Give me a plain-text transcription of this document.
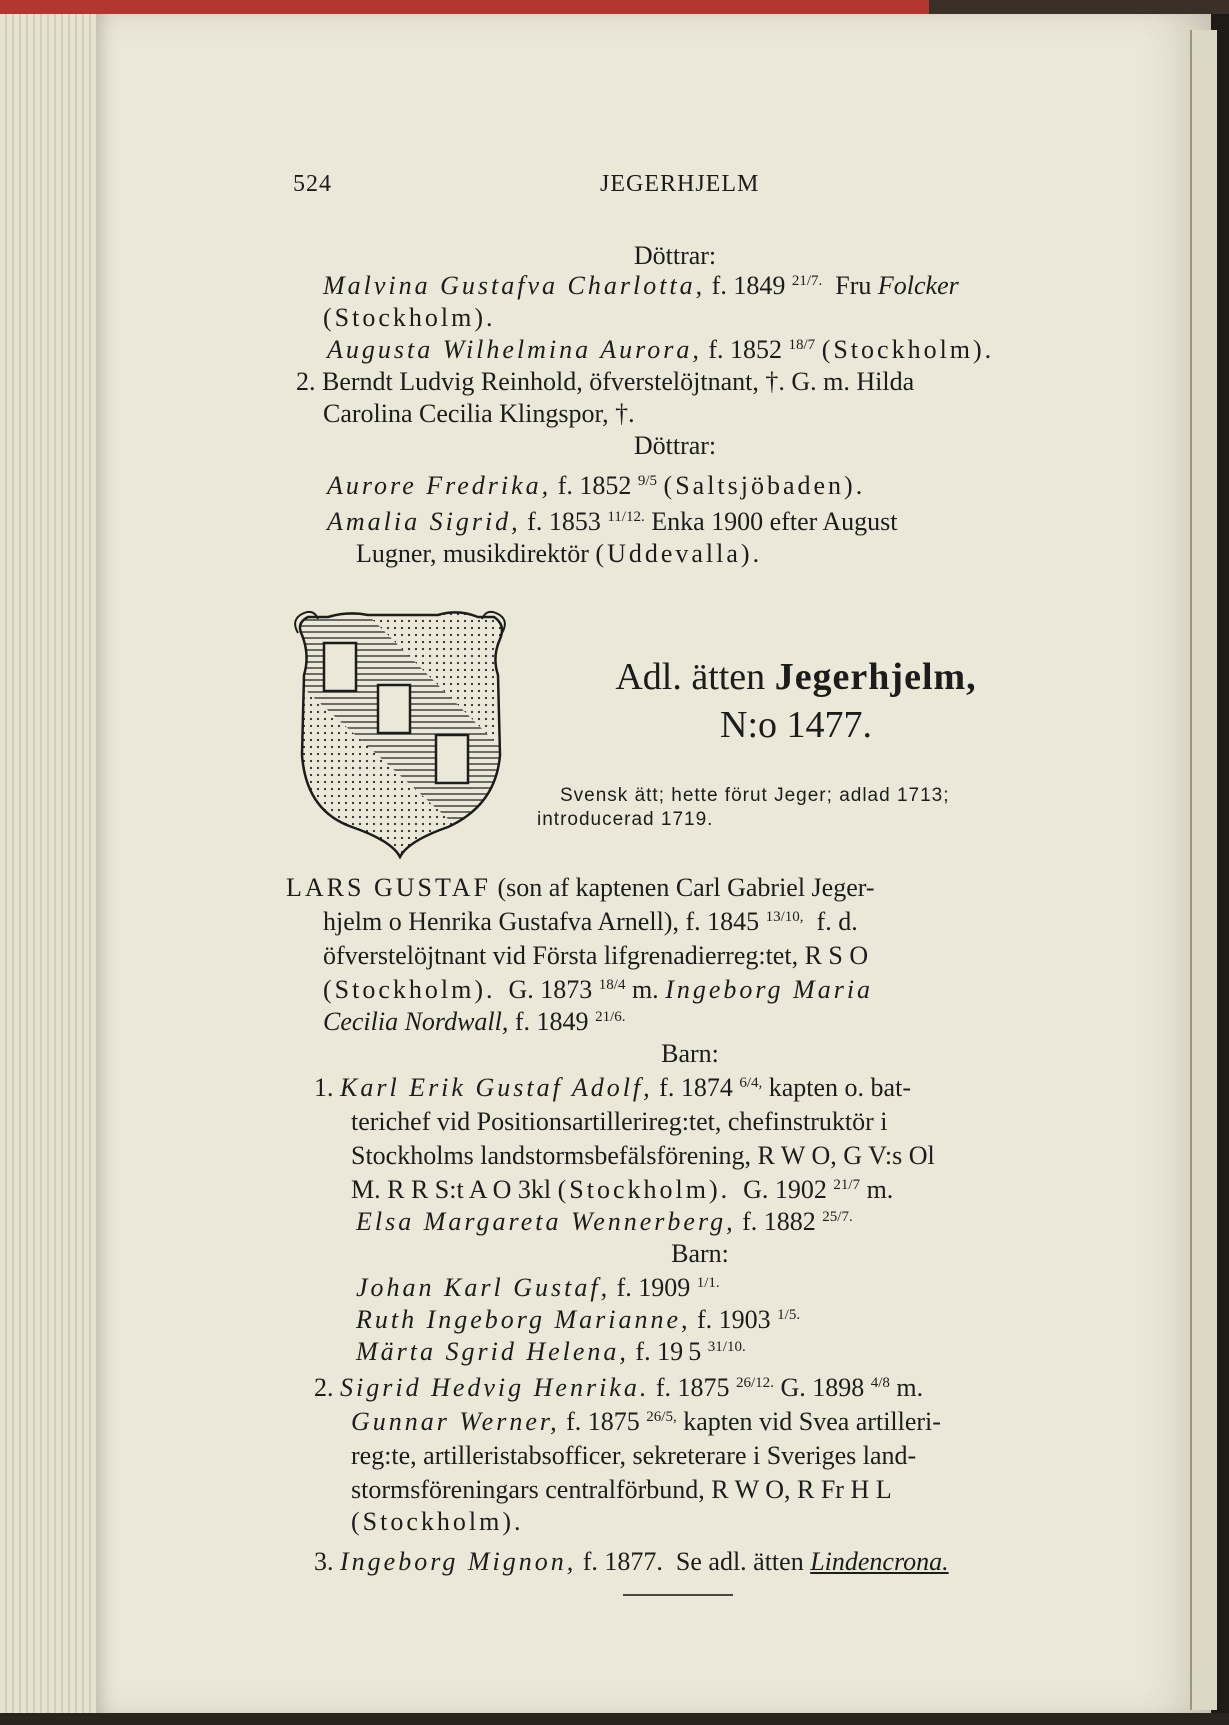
524	JEGERHJELM
Döttrar:
Malvina Gustafva Charlotta, f. 1849 $^{21/7.}$ Fru Folcker
(Stockholm).
Augusta Wilhelmina Aurora, f. 1852 $^{18/7}$ (Stockholm).
2. Berndt Ludvig Reinhold, öfverstelöjtnant, †. G. m. Hilda
Carolina Cecilia Klingspor, †.
Döttrar:
Aurore Fredrika, f. 1852 $^{9/5}$ (Saltsjöbaden).
Amalia Sigrid, f. 1853 $^{11/12.}$ Enka 1900 efter August
Lugner, musikdirektör (Uddevalla).
Adl. ätten Jegerhjelm,
N:o 1477.
Svensk ätt; hette förut Jeger; adlad 1713;
introducerad 1719.
LARS GUSTAF (son af kaptenen Carl Gabriel Jeger-
hjelm o Henrika Gustafva Arnell), f. 1845 $^{13/10,}$ f. d.
öfverstelöjtnant vid Första lifgrenadierreg:tet, R S O
(Stockholm). G. 1873 $^{18/4}$ m. Ingeborg Maria
Cecilia Nordwall, f. 1849 $^{21/6.}$
Barn:
1. Karl Erik Gustaf Adolf, f. 1874 $^{6/4,}$ kapten o. bat-
terichef vid Positionsartillerireg:tet, chefinstruktör i
Stockholms landstormsbefälsförening, R W O, G V:s Ol
M. R R S:t A O 3kl (Stockholm). G. 1902 $^{21/7}$ m.
Elsa Margareta Wennerberg, f. 1882 $^{25/7.}$
Barn:
Johan Karl Gustaf, f. 1909 $^{1/1.}$
Ruth Ingeborg Marianne, f. 1903 $^{1/5.}$
Märta Sgrid Helena, f. 19 5 $^{31/10.}$
2. Sigrid Hedvig Henrika. f. 1875 $^{26/12.}$ G. 1898 $^{4/8}$ m.
Gunnar Werner, f. 1875 $^{26/5,}$ kapten vid Svea artilleri-
reg:te, artilleristabsofficer, sekreterare i Sveriges land-
stormsföreningars centralförbund, R W O, R Fr H L
(Stockholm).
3. Ingeborg Mignon, f. 1877. Se adl. ätten Lindencrona.
